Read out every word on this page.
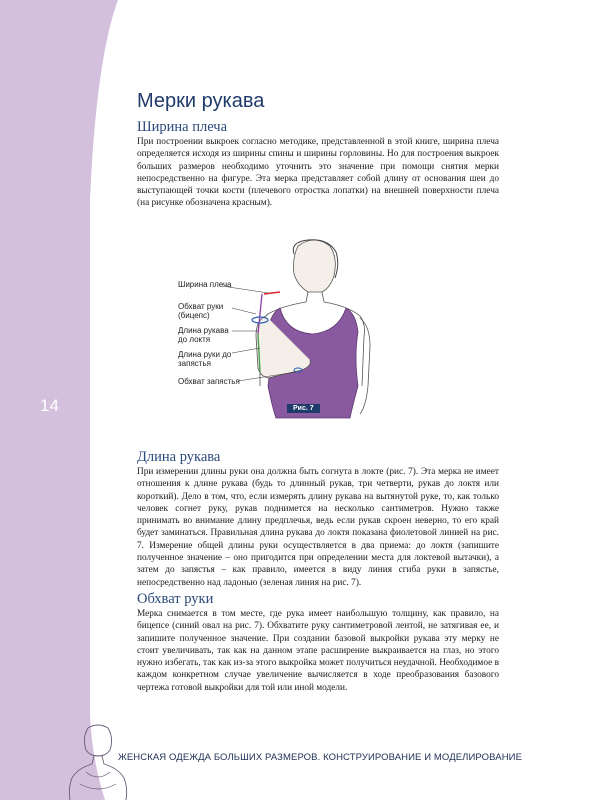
14
Мерки рукава
Ширина плеча

При построении выкроек согласно методике, представленной в этой книге, ширина плеча определяется исходя из ширины спины и ширины горловины. Но для построения выкроек больших размеров необходимо уточнить это значение при помощи снятия мерки непосредственно на фигуре. Эта мерка представляет собой длину от основания шеи до выступающей точки кости (плечевого отростка лопатки) на внешней поверхности плеча (на рисунке обозначена красным).

Ширина плеча
Обхват руки (бицепс)
Длина рукава до локтя
Длина руки до запястья
Обхват запястья
Рис. 7
Длина рукава

При измерении длины руки она должна быть согнута в локте (рис. 7). Эта мерка не имеет отношения к длине рукава (будь то длинный рукав, три четверти, рукав до локтя или короткий). Дело в том, что, если измерять длину рукава на вытянутой руке, то, как только человек согнет руку, рукав поднимется на несколько сантиметров. Нужно также принимать во внимание длину предплечья, ведь если рукав скроен неверно, то его край будет заминаться. Правильная длина рукава до локтя показана фиолетовой линией на рис. 7. Измерение общей длины руки осуществляется в два приема: до локтя (запишите полученное значение – оно пригодится при определении места для локтевой вытачки), а затем до запястья – как правило, имеется в виду линия сгиба руки в запястье, непосредственно над ладонью (зеленая линия на рис. 7).

Обхват руки

Мерка снимается в том месте, где рука имеет наибольшую толщину, как правило, на бицепсе (синий овал на рис. 7). Обхватите руку сантиметровой лентой, не затягивая ее, и запишите полученное значение. При создании базовой выкройки рукава эту мерку не стоит увеличивать, так как на данном этапе расширение выкраивается на глаз, но этого нужно избегать, так как из-за этого выкройка может получиться неудачной. Необходимое в каждом конкретном случае увеличение вычисляется в ходе преобразования базового чертежа готовой выкройки для той или иной модели.

ЖЕНСКАЯ ОДЕЖДА БОЛЬШИХ РАЗМЕРОВ. КОНСТРУИРОВАНИЕ И МОДЕЛИРОВАНИЕ
